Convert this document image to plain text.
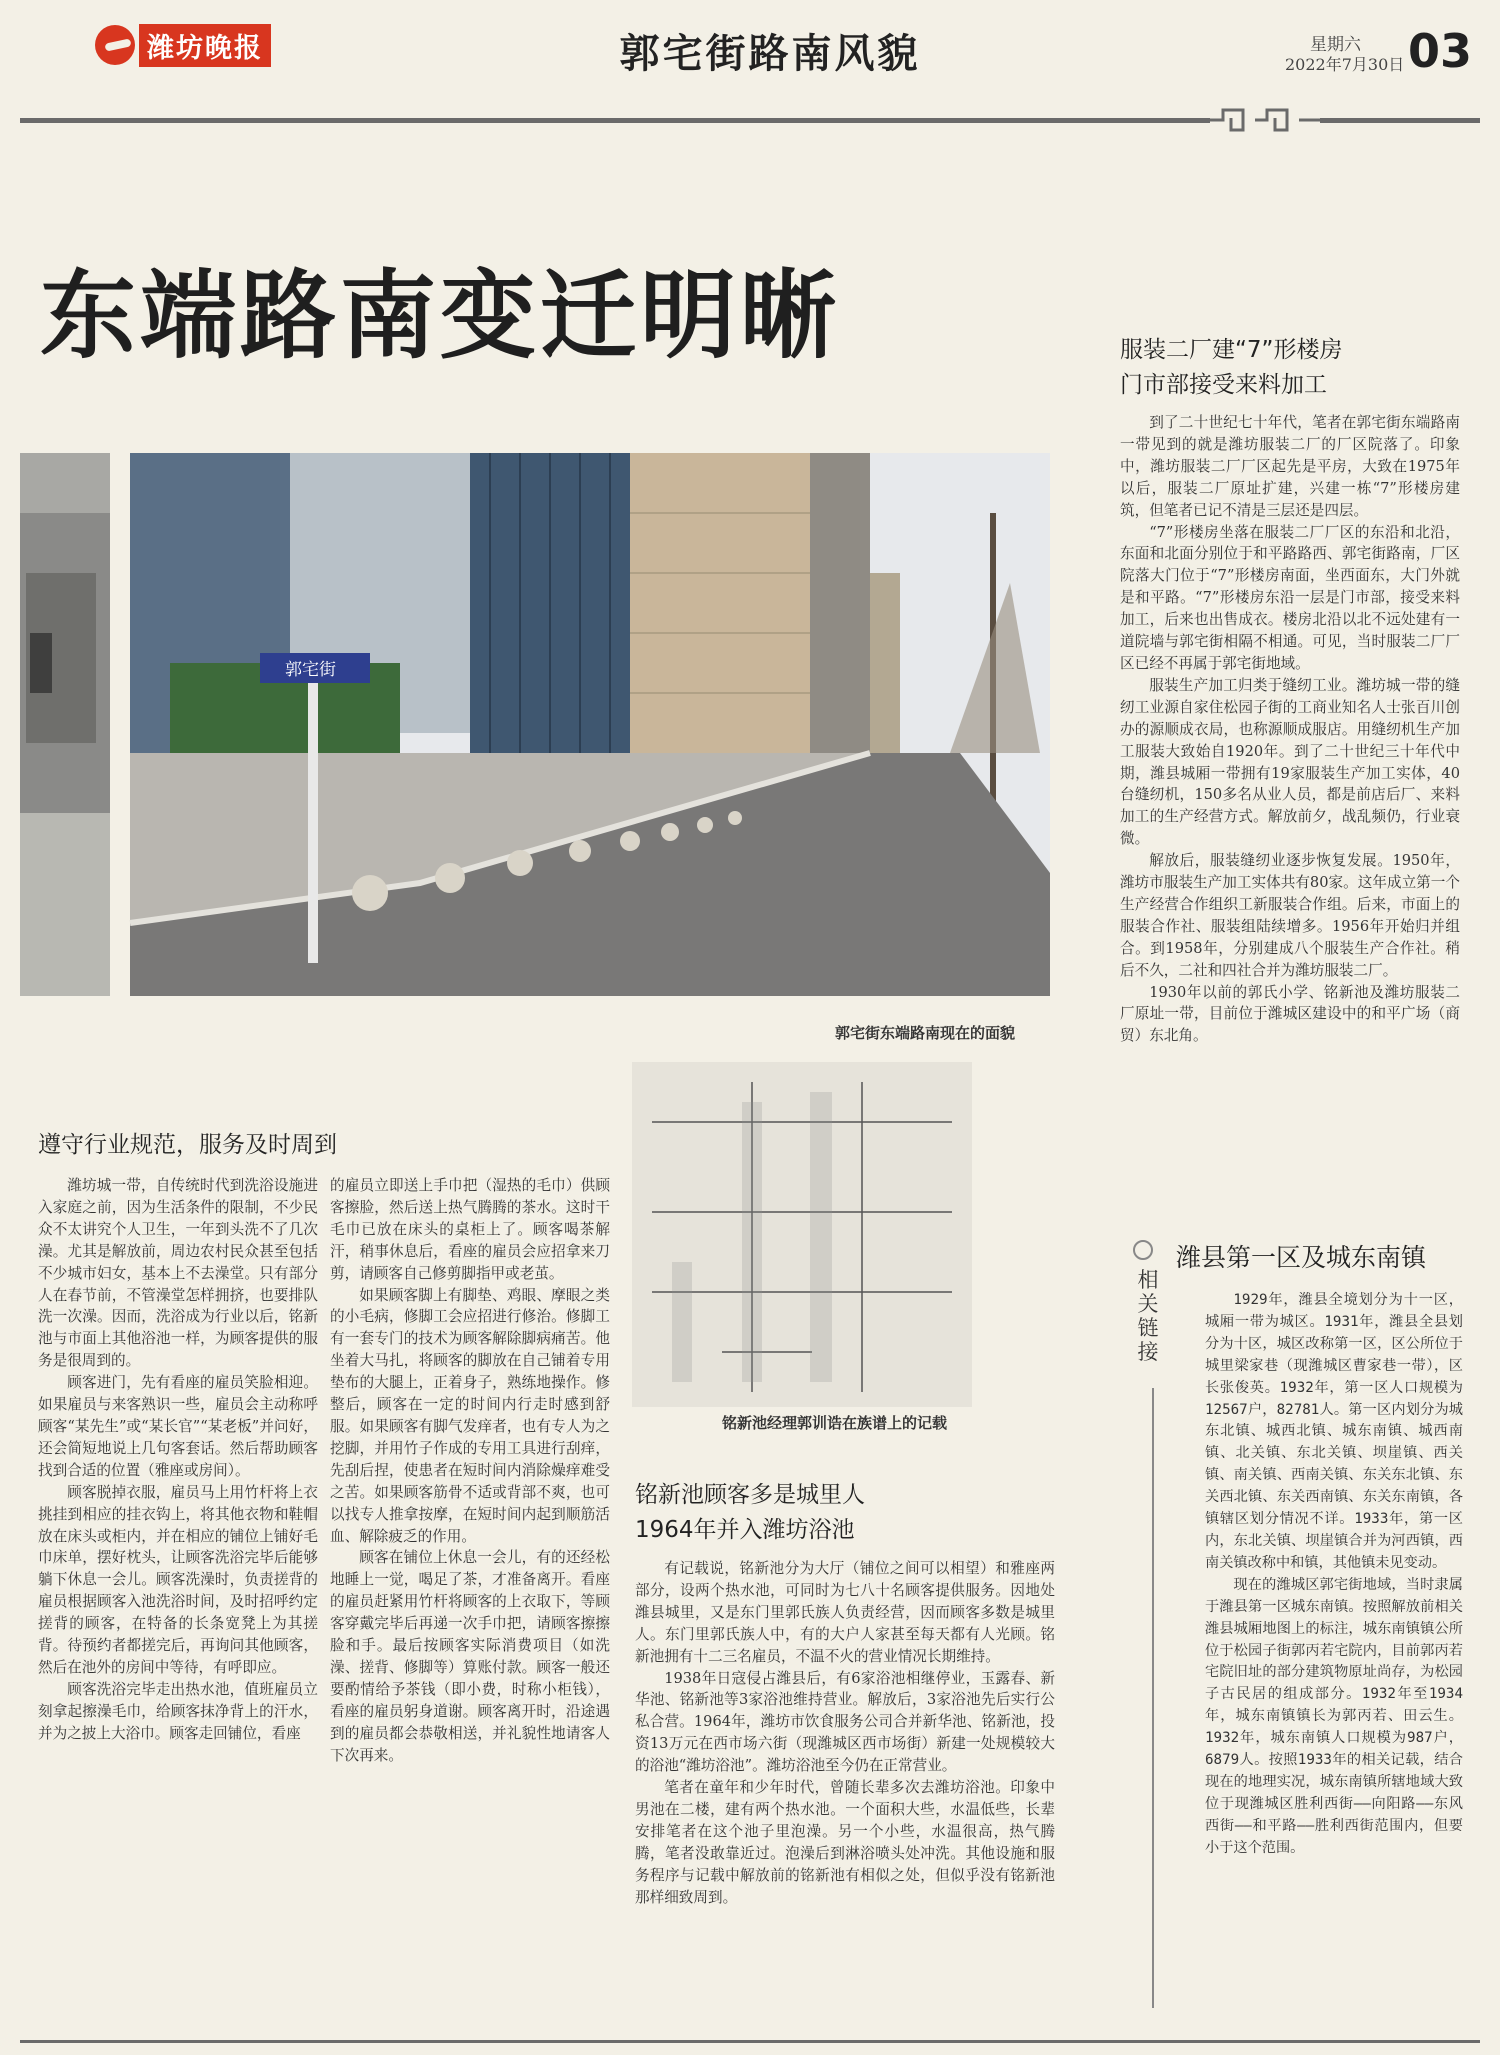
潍坊晚报	郭宅街路南风貌	星期六
2022年7月30日 03
东端路南变迁明晰
郭宅街
郭宅街东端路南现在的面貌
服装二厂建“7”形楼房
门市部接受来料加工

到了二十世纪七十年代，笔者在郭宅街东端路南一带见到的就是潍坊服装二厂的厂区院落了。印象中，潍坊服装二厂厂区起先是平房，大致在1975年以后，服装二厂原址扩建，兴建一栋“7”形楼房建筑，但笔者已记不清是三层还是四层。

“7”形楼房坐落在服装二厂厂区的东沿和北沿，东面和北面分别位于和平路路西、郭宅街路南，厂区院落大门位于“7”形楼房南面，坐西面东，大门外就是和平路。“7”形楼房东沿一层是门市部，接受来料加工，后来也出售成衣。楼房北沿以北不远处建有一道院墙与郭宅街相隔不相通。可见，当时服装二厂厂区已经不再属于郭宅街地域。

服装生产加工归类于缝纫工业。潍坊城一带的缝纫工业源自家住松园子街的工商业知名人士张百川创办的源顺成衣局，也称源顺成服店。用缝纫机生产加工服装大致始自1920年。到了二十世纪三十年代中期，潍县城厢一带拥有19家服装生产加工实体，40台缝纫机，150多名从业人员，都是前店后厂、来料加工的生产经营方式。解放前夕，战乱频仍，行业衰微。

解放后，服装缝纫业逐步恢复发展。1950年，潍坊市服装生产加工实体共有80家。这年成立第一个生产经营合作组织工新服装合作组。后来，市面上的服装合作社、服装组陆续增多。1956年开始归并组合。到1958年，分别建成八个服装生产合作社。稍后不久，二社和四社合并为潍坊服装二厂。

1930年以前的郭氏小学、铭新池及潍坊服装二厂原址一带，目前位于潍城区建设中的和平广场（商贸）东北角。

遵守行业规范，服务及时周到

潍坊城一带，自传统时代到洗浴设施进入家庭之前，因为生活条件的限制，不少民众不太讲究个人卫生，一年到头洗不了几次澡。尤其是解放前，周边农村民众甚至包括不少城市妇女，基本上不去澡堂。只有部分人在春节前，不管澡堂怎样拥挤，也要排队洗一次澡。因而，洗浴成为行业以后，铭新池与市面上其他浴池一样，为顾客提供的服务是很周到的。

顾客进门，先有看座的雇员笑脸相迎。如果雇员与来客熟识一些，雇员会主动称呼顾客“某先生”或“某长官”“某老板”并问好，还会简短地说上几句客套话。然后帮助顾客找到合适的位置（雅座或房间）。

顾客脱掉衣服，雇员马上用竹杆将上衣挑挂到相应的挂衣钩上，将其他衣物和鞋帽放在床头或柜内，并在相应的铺位上铺好毛巾床单，摆好枕头，让顾客洗浴完毕后能够躺下休息一会儿。顾客洗澡时，负责搓背的雇员根据顾客入池洗浴时间，及时招呼约定搓背的顾客，在特备的长条宽凳上为其搓背。待预约者都搓完后，再询问其他顾客，然后在池外的房间中等待，有呼即应。

顾客洗浴完毕走出热水池，值班雇员立刻拿起擦澡毛巾，给顾客抹净背上的汗水，并为之披上大浴巾。顾客走回铺位，看座

的雇员立即送上手巾把（湿热的毛巾）供顾客擦脸，然后送上热气腾腾的茶水。这时干毛巾已放在床头的桌柜上了。顾客喝茶解汗，稍事休息后，看座的雇员会应招拿来刀剪，请顾客自己修剪脚指甲或老茧。

如果顾客脚上有脚垫、鸡眼、摩眼之类的小毛病，修脚工会应招进行修治。修脚工有一套专门的技术为顾客解除脚病痛苦。他坐着大马扎，将顾客的脚放在自己铺着专用垫布的大腿上，正着身子，熟练地操作。修整后，顾客在一定的时间内行走时感到舒服。如果顾客有脚气发痒者，也有专人为之挖脚，并用竹子作成的专用工具进行刮痒，先刮后捏，使患者在短时间内消除燥痒难受之苦。如果顾客筋骨不适或背部不爽，也可以找专人推拿按摩，在短时间内起到顺筋活血、解除疲乏的作用。

顾客在铺位上休息一会儿，有的还经松地睡上一觉，喝足了茶，才准备离开。看座的雇员赶紧用竹杆将顾客的上衣取下，等顾客穿戴完毕后再递一次手巾把，请顾客擦擦脸和手。最后按顾客实际消费项目（如洗澡、搓背、修脚等）算账付款。顾客一般还要酌情给予茶钱（即小费，时称小柜钱），看座的雇员躬身道谢。顾客离开时，沿途遇到的雇员都会恭敬相送，并礼貌性地请客人下次再来。

铭新池经理郭训诰在族谱上的记载
铭新池顾客多是城里人
1964年并入潍坊浴池

有记载说，铭新池分为大厅（铺位之间可以相望）和雅座两部分，设两个热水池，可同时为七八十名顾客提供服务。因地处潍县城里，又是东门里郭氏族人负责经营，因而顾客多数是城里人。东门里郭氏族人中，有的大户人家甚至每天都有人光顾。铭新池拥有十二三名雇员，不温不火的营业情况长期维持。

1938年日寇侵占潍县后，有6家浴池相继停业，玉露春、新华池、铭新池等3家浴池维持营业。解放后，3家浴池先后实行公私合营。1964年，潍坊市饮食服务公司合并新华池、铭新池，投资13万元在西市场六街（现潍城区西市场街）新建一处规模较大的浴池“潍坊浴池”。潍坊浴池至今仍在正常营业。

笔者在童年和少年时代，曾随长辈多次去潍坊浴池。印象中男池在二楼，建有两个热水池。一个面积大些，水温低些，长辈安排笔者在这个池子里泡澡。另一个小些，水温很高，热气腾腾，笔者没敢靠近过。泡澡后到淋浴喷头处冲洗。其他设施和服务程序与记载中解放前的铭新池有相似之处，但似乎没有铭新池那样细致周到。

相关链接
潍县第一区及城东南镇

1929年，潍县全境划分为十一区，城厢一带为城区。1931年，潍县全县划分为十区，城区改称第一区，区公所位于城里梁家巷（现潍城区曹家巷一带），区长张俊英。1932年，第一区人口规模为12567户，82781人。第一区内划分为城东北镇、城西北镇、城东南镇、城西南镇、北关镇、东北关镇、坝崖镇、西关镇、南关镇、西南关镇、东关东北镇、东关西北镇、东关西南镇、东关东南镇，各镇辖区划分情况不详。1933年，第一区内，东北关镇、坝崖镇合并为河西镇，西南关镇改称中和镇，其他镇未见变动。

现在的潍城区郭宅街地域，当时隶属于潍县第一区城东南镇。按照解放前相关潍县城厢地图上的标注，城东南镇镇公所位于松园子街郭丙若宅院内，目前郭丙若宅院旧址的部分建筑物原址尚存，为松园子古民居的组成部分。1932年至1934年，城东南镇镇长为郭丙若、田云生。1932年，城东南镇人口规模为987户，6879人。按照1933年的相关记载，结合现在的地理实况，城东南镇所辖地域大致位于现潍城区胜利西街——向阳路——东风西街——和平路——胜利西街范围内，但要小于这个范围。
